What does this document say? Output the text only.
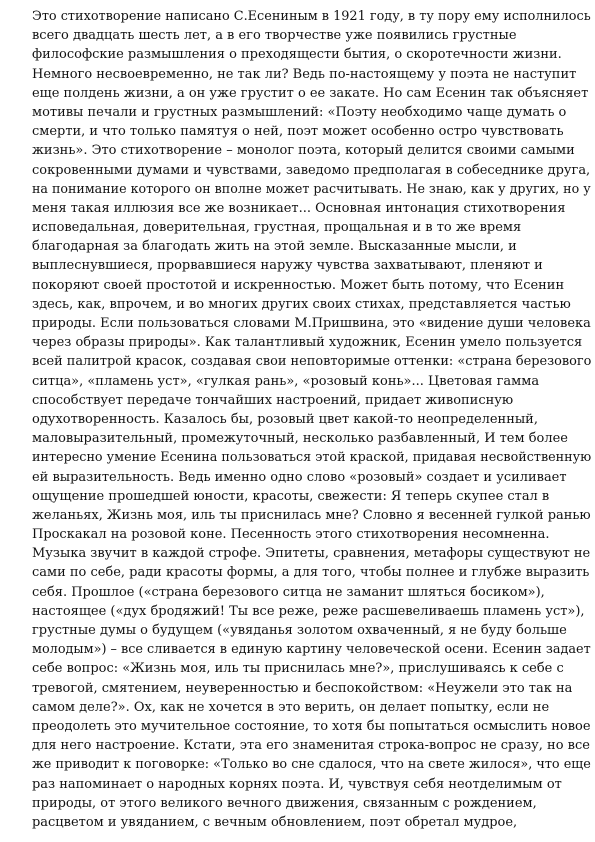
Это стихотворение написано С.Есениным в 1921 году, в ту пору ему исполнилось
всего двадцать шесть лет, а в его творчестве уже появились грустные
философские размышления о преходящести бытия, о скоротечности жизни.
Немного несвоевременно, не так ли? Ведь по-настоящему у поэта не наступит
еще полдень жизни, а он уже грустит о ее закате. Но сам Есенин так объясняет
мотивы печали и грустных размышлений: «Поэту необходимо чаще думать о
смерти, и что только памятуя о ней, поэт может особенно остро чувствовать
жизнь». Это стихотворение – монолог поэта, который делится своими самыми
сокровенными думами и чувствами, заведомо предполагая в собеседнике друга,
на понимание которого он вполне может расчитывать. Не знаю, как у других, но у
меня такая иллюзия все же возникает... Основная интонация стихотворения
исповедальная, доверительная, грустная, прощальная и в то же время
благодарная за благодать жить на этой земле. Высказанные мысли, и
выплеснувшиеся, прорвавшиеся наружу чувства захватывают, пленяют и
покоряют своей простотой и искренностью. Может быть потому, что Есенин
здесь, как, впрочем, и во многих других своих стихах, представляется частью
природы. Если пользоваться словами М.Пришвина, это «видение души человека
через образы природы». Как талантливый художник, Есенин умело пользуется
всей палитрой красок, создавая свои неповторимые оттенки: «страна березового
ситца», «пламень уст», «гулкая рань», «розовый конь»... Цветовая гамма
способствует передаче тончайших настроений, придает живописную
одухотворенность. Казалось бы, розовый цвет какой-то неопределенный,
маловыразительный, промежуточный, несколько разбавленный, И тем более
интересно умение Есенина пользоваться этой краской, придавая несвойственную
ей выразительность. Ведь именно одно слово «розовый» создает и усиливает
ощущение прошедшей юности, красоты, свежести: Я теперь скупее стал в
желаньях, Жизнь моя, иль ты приснилась мне? Словно я весенней гулкой ранью
Проскакал на розовой коне. Песенность этого стихотворения несомненна.
Музыка звучит в каждой строфе. Эпитеты, сравнения, метафоры существуют не
сами по себе, ради красоты формы, а для того, чтобы полнее и глубже выразить
себя. Прошлое («страна березового ситца не заманит шляться босиком»),
настоящее («дух бродяжий! Ты все реже, реже расшевеливаешь пламень уст»),
грустные думы о будущем («увяданья золотом охваченный, я не буду больше
молодым») – все сливается в единую картину человеческой осени. Есенин задает
себе вопрос: «Жизнь моя, иль ты приснилась мне?», прислушиваясь к себе с
тревогой, смятением, неуверенностью и беспокойством: «Неужели это так на
самом деле?». Ох, как не хочется в это верить, он делает попытку, если не
преодолеть это мучительное состояние, то хотя бы попытаться осмыслить новое
для него настроение. Кстати, эта его знаменитая строка-вопрос не сразу, но все
же приводит к поговорке: «Только во сне сдалося, что на свете жилося», что еще
раз напоминает о народных корнях поэта. И, чувствуя себя неотделимым от
природы, от этого великого вечного движения, связанным с рождением,
расцветом и увяданием, с вечным обновлением, поэт обретал мудрое,
